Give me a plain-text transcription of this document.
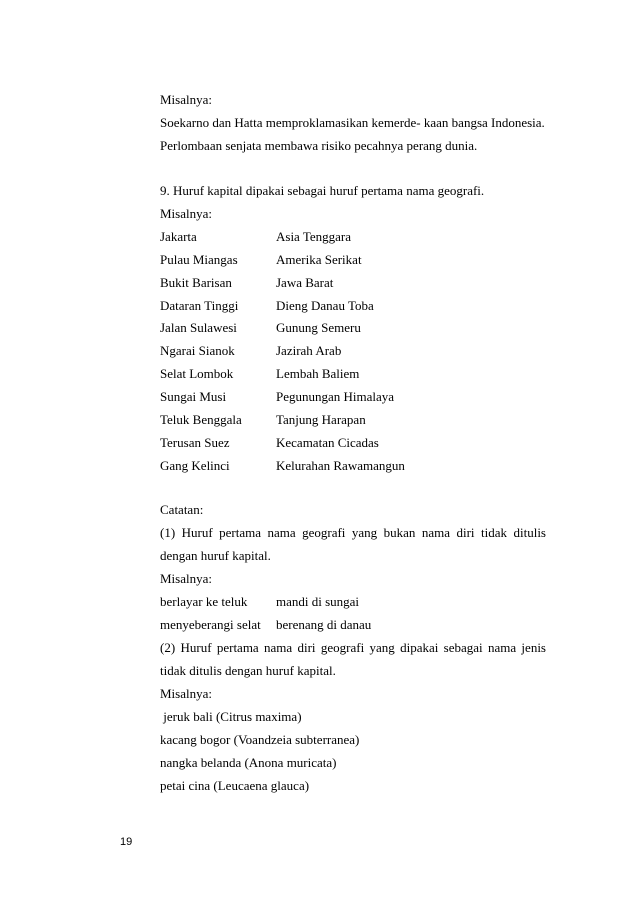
Misalnya:
Soekarno dan Hatta memproklamasikan kemerde- kaan bangsa Indonesia.
Perlombaan senjata membawa risiko pecahnya perang dunia.
9. Huruf kapital dipakai sebagai huruf pertama nama geografi.
Misalnya:
Jakarta
Pulau Miangas
Bukit Barisan
Dataran Tinggi
Jalan Sulawesi
Ngarai Sianok
Selat Lombok
Sungai Musi
Teluk Benggala
Terusan Suez
Gang Kelinci
Asia Tenggara
Amerika Serikat
Jawa Barat
Dieng Danau Toba
Gunung Semeru
Jazirah Arab
Lembah Baliem
Pegunungan Himalaya
Tanjung Harapan
Kecamatan Cicadas
Kelurahan Rawamangun
Catatan:
(1) Huruf pertama nama geografi yang bukan nama diri tidak ditulis
dengan huruf kapital.
Misalnya:
berlayar ke teluk
menyeberangi selat
mandi di sungai
berenang di danau
(2) Huruf pertama nama diri geografi yang dipakai sebagai nama jenis
tidak ditulis dengan huruf kapital.
Misalnya:
jeruk bali (Citrus maxima)
kacang bogor (Voandzeia subterranea)
nangka belanda (Anona muricata)
petai cina (Leucaena glauca)
19
